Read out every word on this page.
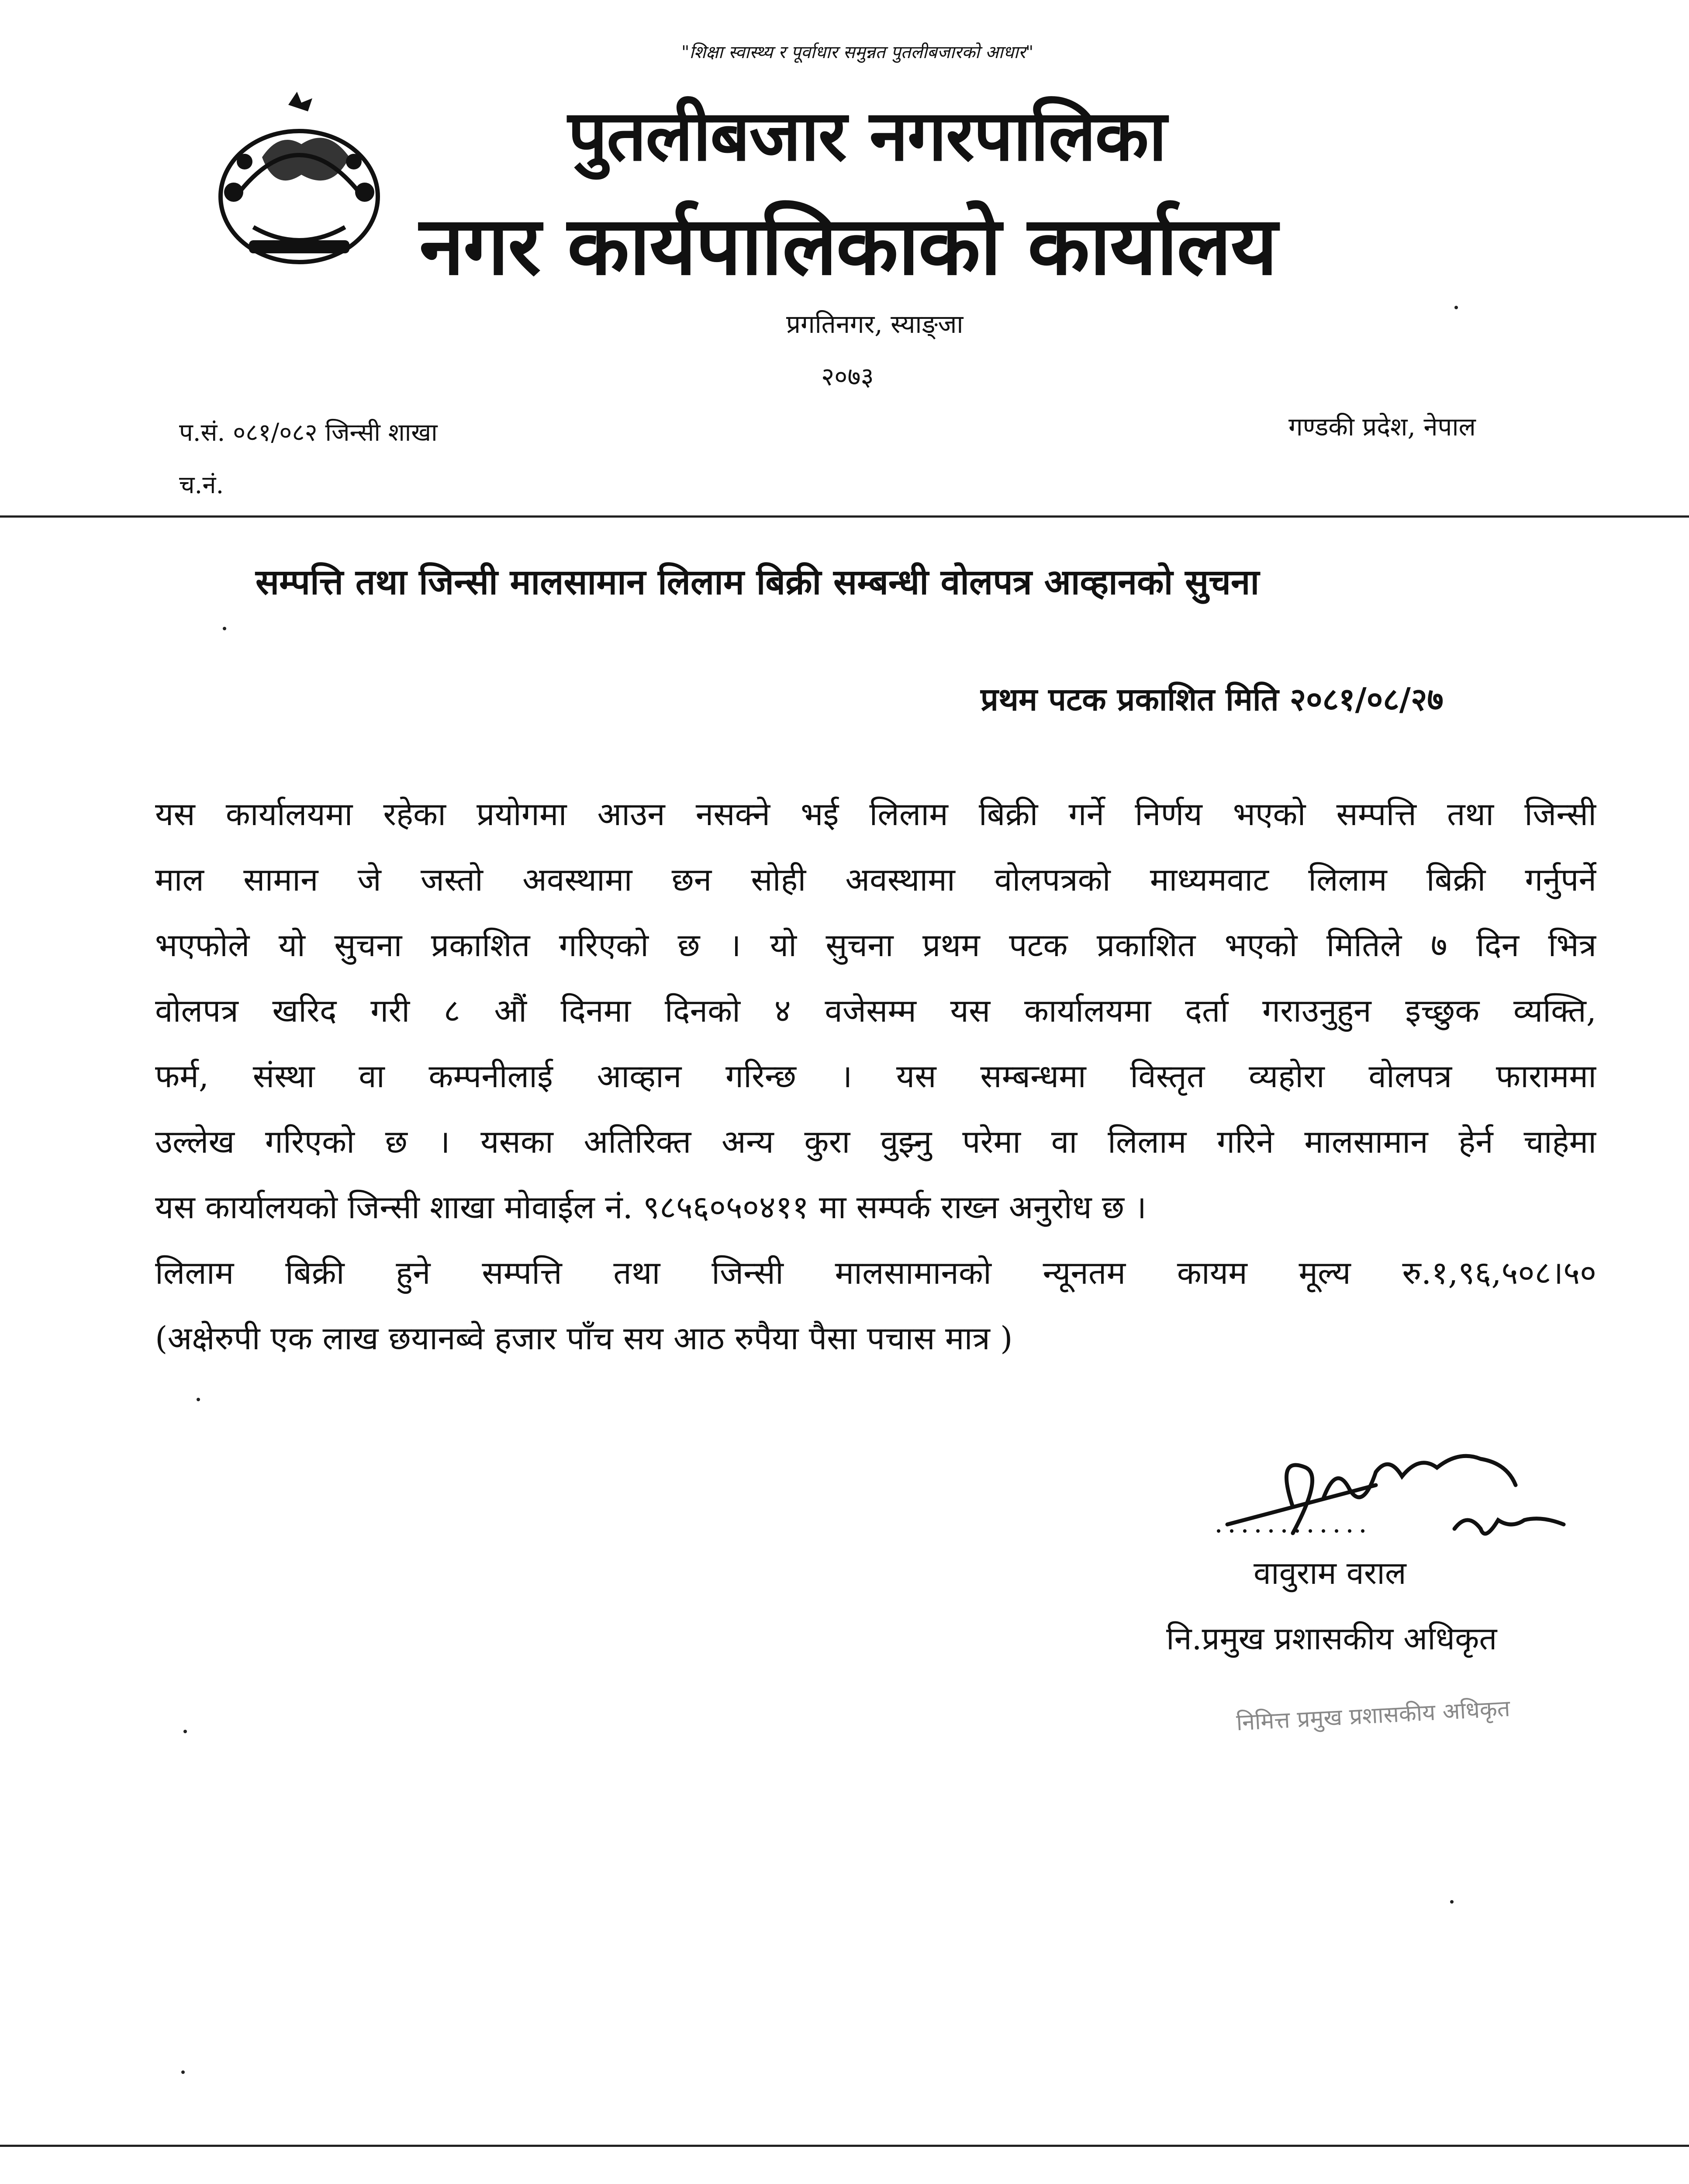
"शिक्षा स्वास्थ्य र पूर्वाधार समुन्नत पुतलीबजारको आधार"
पुतलीबजार नगरपालिका
नगर कार्यपालिकाको कार्यालय
प्रगतिनगर, स्याङ्जा
२०७३
प.सं. ०८१/०८२ जिन्सी शाखा
च.नं.
गण्डकी प्रदेश, नेपाल
सम्पत्ति तथा जिन्सी मालसामान लिलाम बिक्री सम्बन्धी वोलपत्र आव्हानको सुचना
प्रथम पटक प्रकाशित मिति २०८१/०८/२७
यस कार्यालयमा रहेका प्रयोगमा आउन नसक्ने भई लिलाम बिक्री गर्ने निर्णय भएको सम्पत्ति तथा जिन्सी
माल सामान जे जस्तो अवस्थामा छन सोही अवस्थामा वोलपत्रको माध्यमवाट लिलाम बिक्री गर्नुपर्ने
भएफोले यो सुचना प्रकाशित गरिएको छ । यो सुचना प्रथम पटक प्रकाशित भएको मितिले ७ दिन भित्र
वोलपत्र खरिद गरी ८ औं दिनमा दिनको ४ वजेसम्म यस कार्यालयमा दर्ता गराउनुहुन इच्छुक व्यक्ति,
फर्म, संस्था वा कम्पनीलाई आव्हान गरिन्छ । यस सम्बन्धमा विस्तृत व्यहोरा वोलपत्र फाराममा
उल्लेख गरिएको छ । यसका अतिरिक्त अन्य कुरा वुझ्नु परेमा वा लिलाम गरिने मालसामान हेर्न चाहेमा
यस कार्यालयको जिन्सी शाखा मोवाईल नं. ९८५६०५०४११ मा सम्पर्क राख्न अनुरोध छ ।
लिलाम बिक्री हुने सम्पत्ति तथा जिन्सी मालसामानको न्यूनतम कायम मूल्य रु.१,९६,५०८।५०
(अक्षेरुपी एक लाख छयानब्वे हजार पाँच सय आठ रुपैया पैसा पचास मात्र )
वावुराम वराल
नि.प्रमुख प्रशासकीय अधिकृत
निमित्त प्रमुख प्रशासकीय अधिकृत
